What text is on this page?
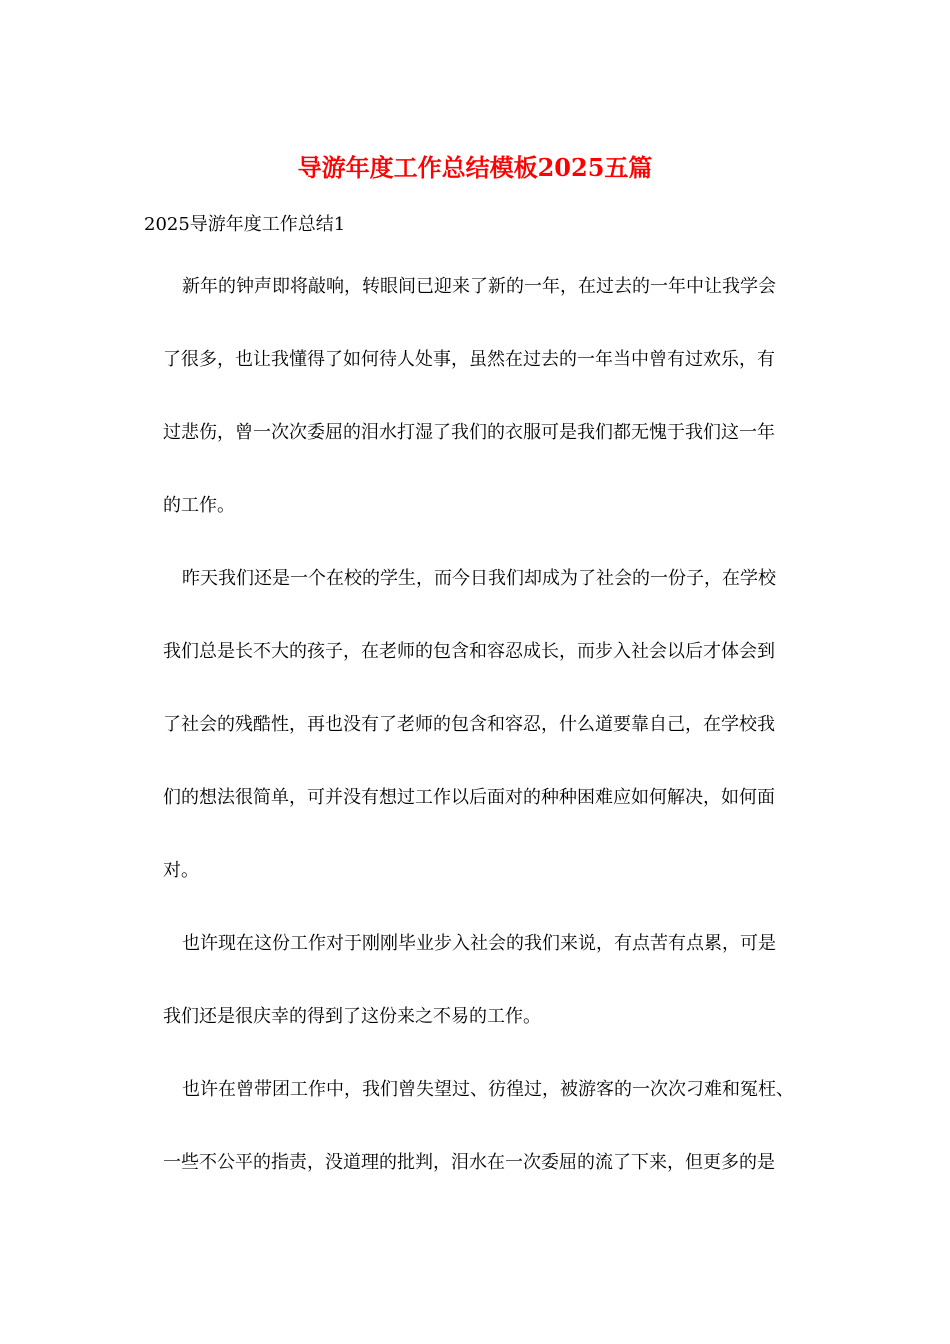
导游年度工作总结模板2025五篇
2025导游年度工作总结1
新年的钟声即将敲响，转眼间已迎来了新的一年，在过去的一年中让我学会
了很多，也让我懂得了如何待人处事，虽然在过去的一年当中曾有过欢乐，有
过悲伤，曾一次次委屈的泪水打湿了我们的衣服可是我们都无愧于我们这一年
的工作。
昨天我们还是一个在校的学生，而今日我们却成为了社会的一份子，在学校
我们总是长不大的孩子，在老师的包含和容忍成长，而步入社会以后才体会到
了社会的残酷性，再也没有了老师的包含和容忍，什么道要靠自己，在学校我
们的想法很简单，可并没有想过工作以后面对的种种困难应如何解决，如何面
对。
也许现在这份工作对于刚刚毕业步入社会的我们来说，有点苦有点累，可是
我们还是很庆幸的得到了这份来之不易的工作。
也许在曾带团工作中，我们曾失望过、彷徨过，被游客的一次次刁难和冤枉、
一些不公平的指责，没道理的批判，泪水在一次委屈的流了下来，但更多的是
